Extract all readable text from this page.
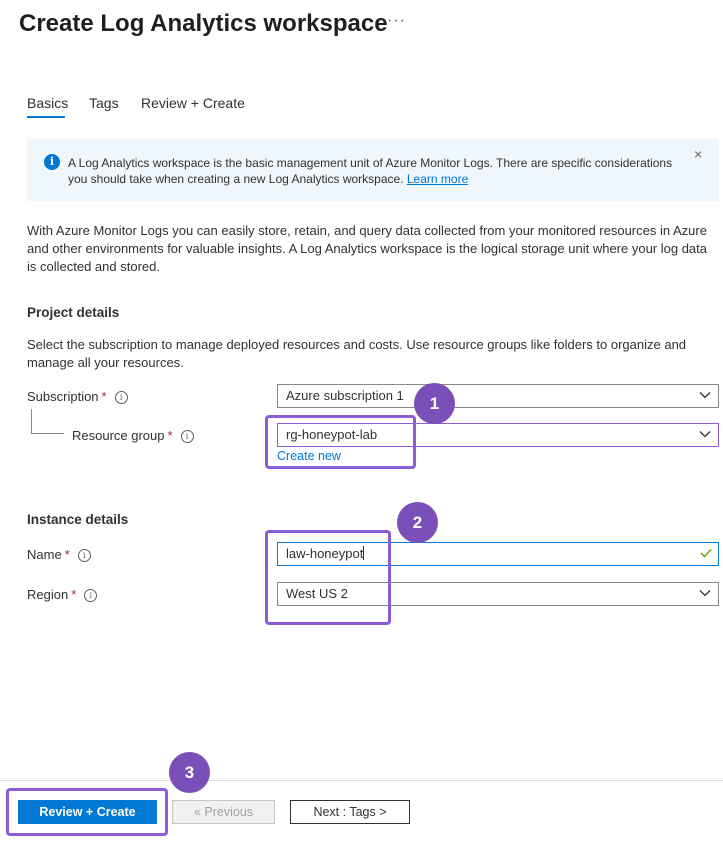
Create Log Analytics workspace ···
Basics Tags Review + Create
i	A Log Analytics workspace is the basic management unit of Azure Monitor Logs. There are specific considerations you should take when creating a new Log Analytics workspace. Learn more
×
With Azure Monitor Logs you can easily store, retain, and query data collected from your monitored resources in Azure and other environments for valuable insights. A Log Analytics workspace is the logical storage unit where your log data is collected and stored.
Project details
Select the subscription to manage deployed resources and costs. Use resource groups like folders to organize and manage all your resources.
Subscription * i	Azure subscription 1
Resource group * i	rg-honeypot-lab
Create new
Instance details
Name * i	law-honeypot
Region * i	West US 2
1
2
Review + Create	« Previous	Next : Tags >
3
